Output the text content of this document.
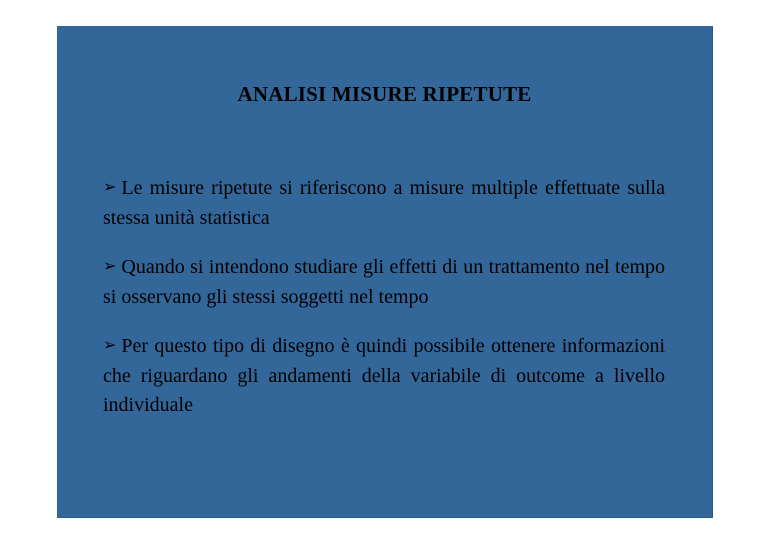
ANALISI MISURE RIPETUTE
➢ Le misure ripetute si riferiscono a misure multiple effettuate sulla stessa unità statistica
➢ Quando si intendono studiare gli effetti di un trattamento nel tempo si osservano gli stessi soggetti nel tempo
➢ Per questo tipo di disegno è quindi possibile ottenere informazioni che riguardano gli andamenti della variabile di outcome a livello individuale
